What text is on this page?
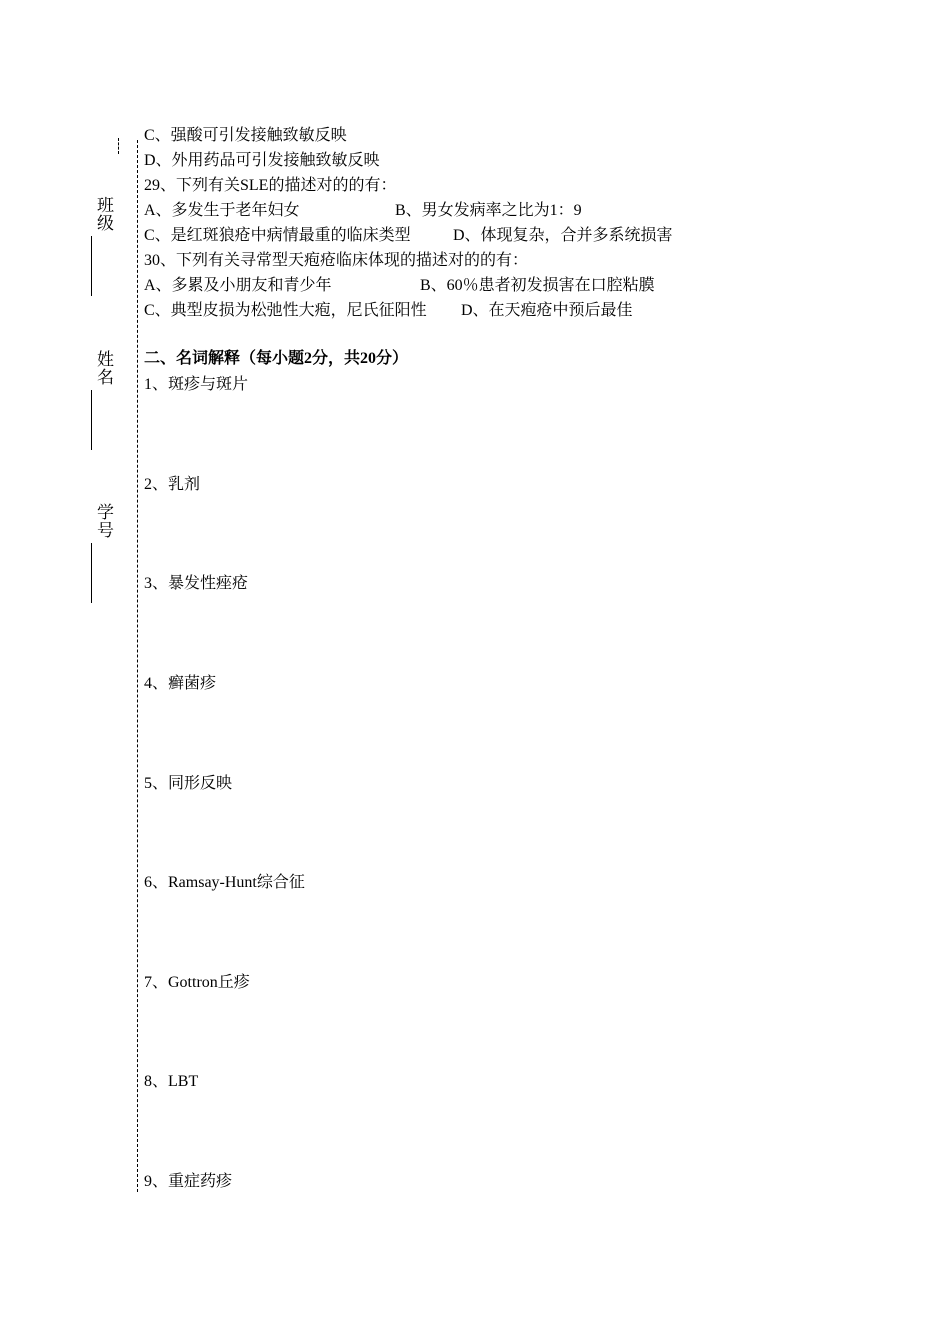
班级
姓名
学号
C、强酸可引发接触致敏反映
D、外用药品可引发接触致敏反映
29、下列有关SLE的描述对的的有：
A、多发生于老年妇女	B、男女发病率之比为1：9
C、是红斑狼疮中病情最重的临床类型	D、体现复杂，合并多系统损害
30、下列有关寻常型天疱疮临床体现的描述对的的有：
A、多累及小朋友和青少年	B、60％患者初发损害在口腔粘膜
C、典型皮损为松弛性大疱，尼氏征阳性 D、在天疱疮中预后最佳
二、名词解释（每小题2分，共20分）
1、斑疹与斑片
2、乳剂
3、暴发性痤疮
4、癣菌疹
5、同形反映
6、Ramsay-Hunt综合征
7、Gottron丘疹
8、LBT
9、重症药疹
